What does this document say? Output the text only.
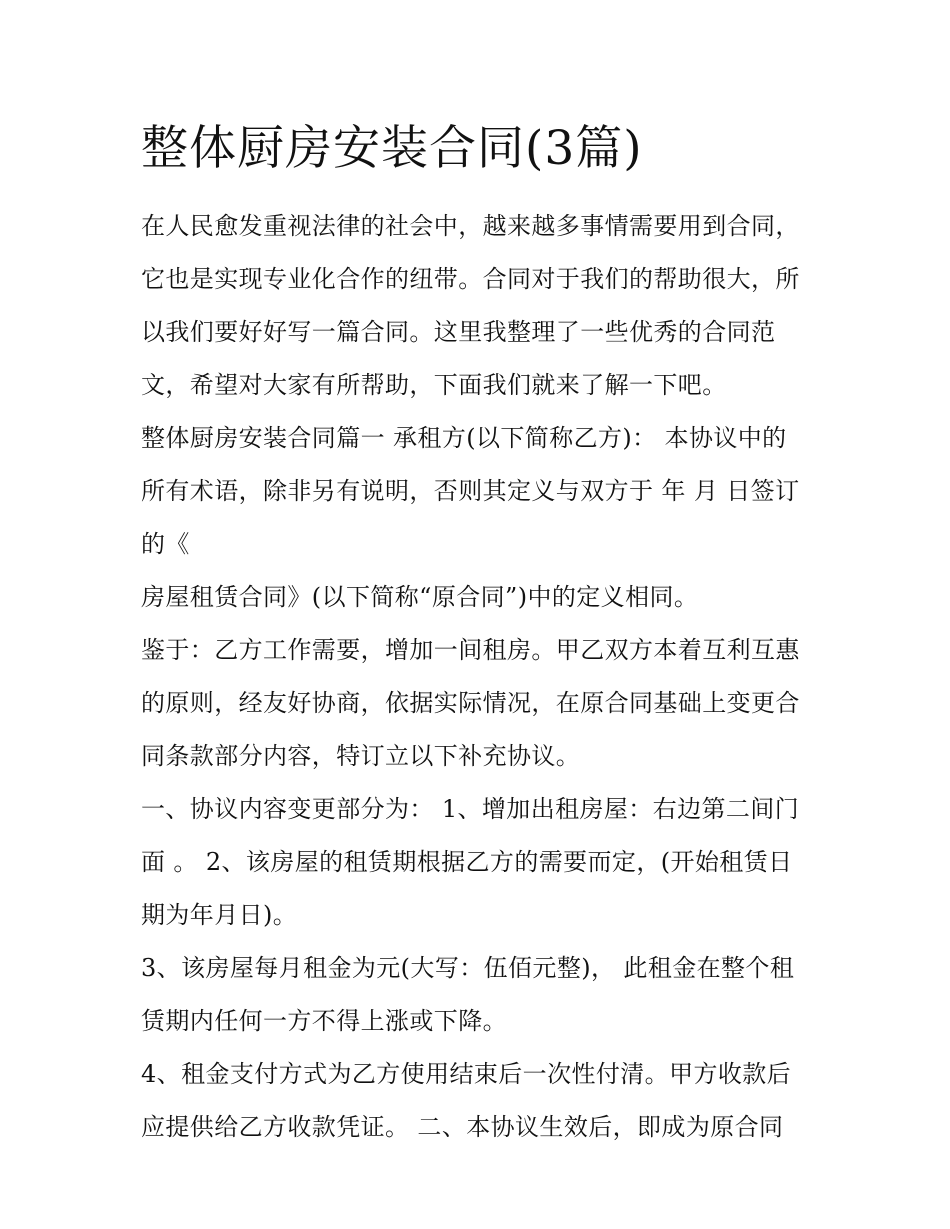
整体厨房安装合同(3篇)
在人民愈发重视法律的社会中，越来越多事情需要用到合同，
它也是实现专业化合作的纽带。合同对于我们的帮助很大，所
以我们要好好写一篇合同。这里我整理了一些优秀的合同范
文，希望对大家有所帮助，下面我们就来了解一下吧。
整体厨房安装合同篇一 承租方(以下简称乙方)： 本协议中的
所有术语，除非另有说明，否则其定义与双方于 年 月 日签订
的《
房屋租赁合同》(以下简称“原合同”)中的定义相同。
鉴于：乙方工作需要，增加一间租房。甲乙双方本着互利互惠
的原则，经友好协商，依据实际情况，在原合同基础上变更合
同条款部分内容，特订立以下补充协议。
一、协议内容变更部分为： 1、增加出租房屋：右边第二间门
面 。 2、该房屋的租赁期根据乙方的需要而定，(开始租赁日
期为年月日)。
3、该房屋每月租金为元(大写：伍佰元整)， 此租金在整个租
赁期内任何一方不得上涨或下降。
4、租金支付方式为乙方使用结束后一次性付清。甲方收款后
应提供给乙方收款凭证。 二、本协议生效后，即成为原合同
